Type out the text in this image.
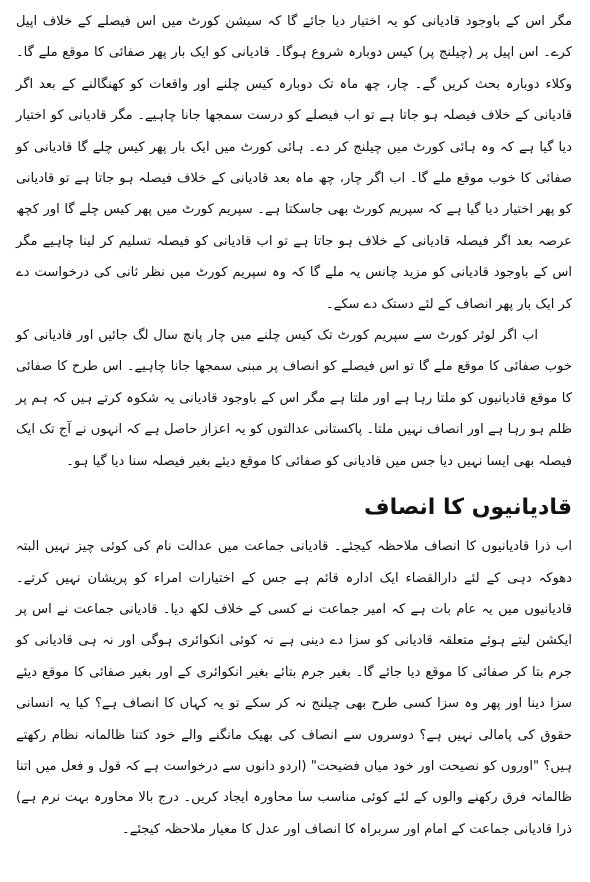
مگر اس کے باوجود قادیانی کو یہ اختیار دیا جائے گا کہ سیشن کورٹ میں اس فیصلے کے خلاف اپیل کرے۔ اس اپیل پر (چیلنج پر) کیس دوبارہ شروع ہوگا۔ قادیانی کو ایک بار پھر صفائی کا موقع ملے گا۔ وکلاء دوبارہ بحث کریں گے۔ چار، چھ ماہ تک دوبارہ کیس چلنے اور واقعات کو کھنگالنے کے بعد اگر قادیانی کے خلاف فیصلہ ہو جاتا ہے تو اب فیصلے کو درست سمجھا جانا چاہیے۔ مگر قادیانی کو اختیار دیا گیا ہے کہ وہ ہائی کورٹ میں چیلنج کر دے۔ ہائی کورٹ میں ایک بار پھر کیس چلے گا قادیانی کو صفائی کا خوب موقع ملے گا۔ اب اگر چار، چھ ماہ بعد قادیانی کے خلاف فیصلہ ہو جاتا ہے تو قادیانی کو پھر اختیار دیا گیا ہے کہ سپریم کورٹ بھی جاسکتا ہے۔ سپریم کورٹ میں پھر کیس چلے گا اور کچھ عرصہ بعد اگر فیصلہ قادیانی کے خلاف ہو جاتا ہے تو اب قادیانی کو فیصلہ تسلیم کر لینا چاہیے مگر اس کے باوجود قادیانی کو مزید چانس یہ ملے گا کہ وہ سپریم کورٹ میں نظر ثانی کی درخواست دے کر ایک بار پھر انصاف کے لئے دستک دے سکے۔

اب اگر لوئر کورٹ سے سپریم کورٹ تک کیس چلنے میں چار پانچ سال لگ جائیں اور قادیانی کو خوب صفائی کا موقع ملے گا تو اس فیصلے کو انصاف پر مبنی سمجھا جانا چاہیے۔ اس طرح کا صفائی کا موقع قادیانیوں کو ملتا رہا ہے اور ملتا ہے مگر اس کے باوجود قادیانی یہ شکوہ کرتے ہیں کہ ہم پر ظلم ہو رہا ہے اور انصاف نہیں ملتا۔ پاکستانی عدالتوں کو یہ اعزاز حاصل ہے کہ انہوں نے آج تک ایک فیصلہ بھی ایسا نہیں دیا جس میں قادیانی کو صفائی کا موقع دیئے بغیر فیصلہ سنا دیا گیا ہو۔

قادیانیوں کا انصاف

اب ذرا قادیانیوں کا انصاف ملاحظہ کیجئے۔ قادیانی جماعت میں عدالت نام کی کوئی چیز نہیں البتہ دھوکہ دہی کے لئے دارالقضاء ایک ادارہ قائم ہے جس کے اختیارات امراء کو پریشان نہیں کرتے۔ قادیانیوں میں یہ عام بات ہے کہ امیر جماعت نے کسی کے خلاف لکھ دیا۔ قادیانی جماعت نے اس پر ایکشن لیتے ہوئے متعلقہ قادیانی کو سزا دے دینی ہے نہ کوئی انکوائری ہوگی اور نہ ہی قادیانی کو جرم بتا کر صفائی کا موقع دیا جائے گا۔ بغیر جرم بتائے بغیر انکوائری کے اور بغیر صفائی کا موقع دیئے سزا دینا اور پھر وہ سزا کسی طرح بھی چیلنج نہ کر سکے تو یہ کہاں کا انصاف ہے؟ کیا یہ انسانی حقوق کی پامالی نہیں ہے؟ دوسروں سے انصاف کی بھیک مانگنے والے خود کتنا ظالمانہ نظام رکھتے ہیں؟ "اوروں کو نصیحت اور خود میاں فضیحت" (اردو دانوں سے درخواست ہے کہ قول و فعل میں اتنا ظالمانہ فرق رکھنے والوں کے لئے کوئی مناسب سا محاورہ ایجاد کریں۔ درج بالا محاورہ بہت نرم ہے) ذرا قادیانی جماعت کے امام اور سربراہ کا انصاف اور عدل کا معیار ملاحظہ کیجئے۔
